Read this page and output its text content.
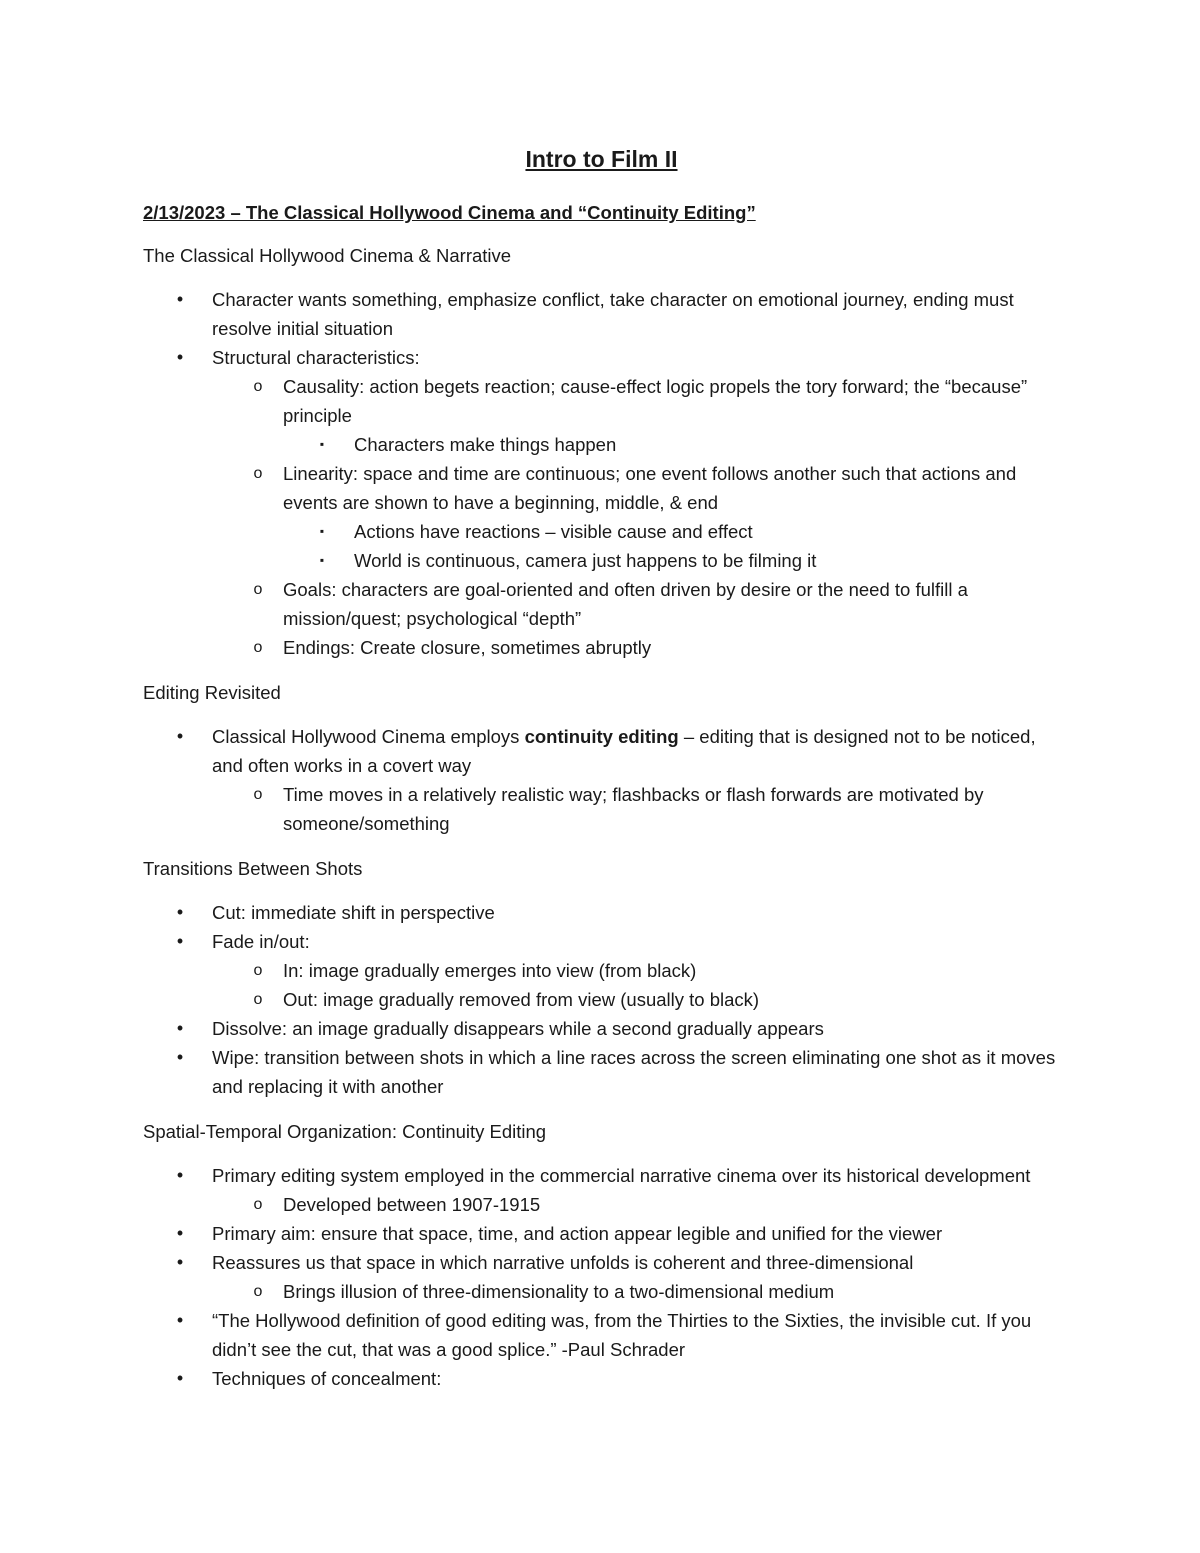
Intro to Film II
2/13/2023 – The Classical Hollywood Cinema and “Continuity Editing”
The Classical Hollywood Cinema & Narrative
• Character wants something, emphasize conflict, take character on emotional journey, ending must resolve initial situation
• Structural characteristics:
o Causality: action begets reaction; cause-effect logic propels the tory forward; the “because” principle
▪ Characters make things happen
o Linearity: space and time are continuous; one event follows another such that actions and events are shown to have a beginning, middle, & end
▪ Actions have reactions – visible cause and effect
▪ World is continuous, camera just happens to be filming it
o Goals: characters are goal-oriented and often driven by desire or the need to fulfill a mission/quest; psychological “depth”
o Endings: Create closure, sometimes abruptly
Editing Revisited
• Classical Hollywood Cinema employs continuity editing – editing that is designed not to be noticed, and often works in a covert way
o Time moves in a relatively realistic way; flashbacks or flash forwards are motivated by someone/something
Transitions Between Shots
• Cut: immediate shift in perspective
• Fade in/out:
o In: image gradually emerges into view (from black)
o Out: image gradually removed from view (usually to black)
• Dissolve: an image gradually disappears while a second gradually appears
• Wipe: transition between shots in which a line races across the screen eliminating one shot as it moves and replacing it with another
Spatial-Temporal Organization: Continuity Editing
• Primary editing system employed in the commercial narrative cinema over its historical development
o Developed between 1907-1915
• Primary aim: ensure that space, time, and action appear legible and unified for the viewer
• Reassures us that space in which narrative unfolds is coherent and three-dimensional
o Brings illusion of three-dimensionality to a two-dimensional medium
• “The Hollywood definition of good editing was, from the Thirties to the Sixties, the invisible cut. If you didn’t see the cut, that was a good splice.” -Paul Schrader
• Techniques of concealment:
